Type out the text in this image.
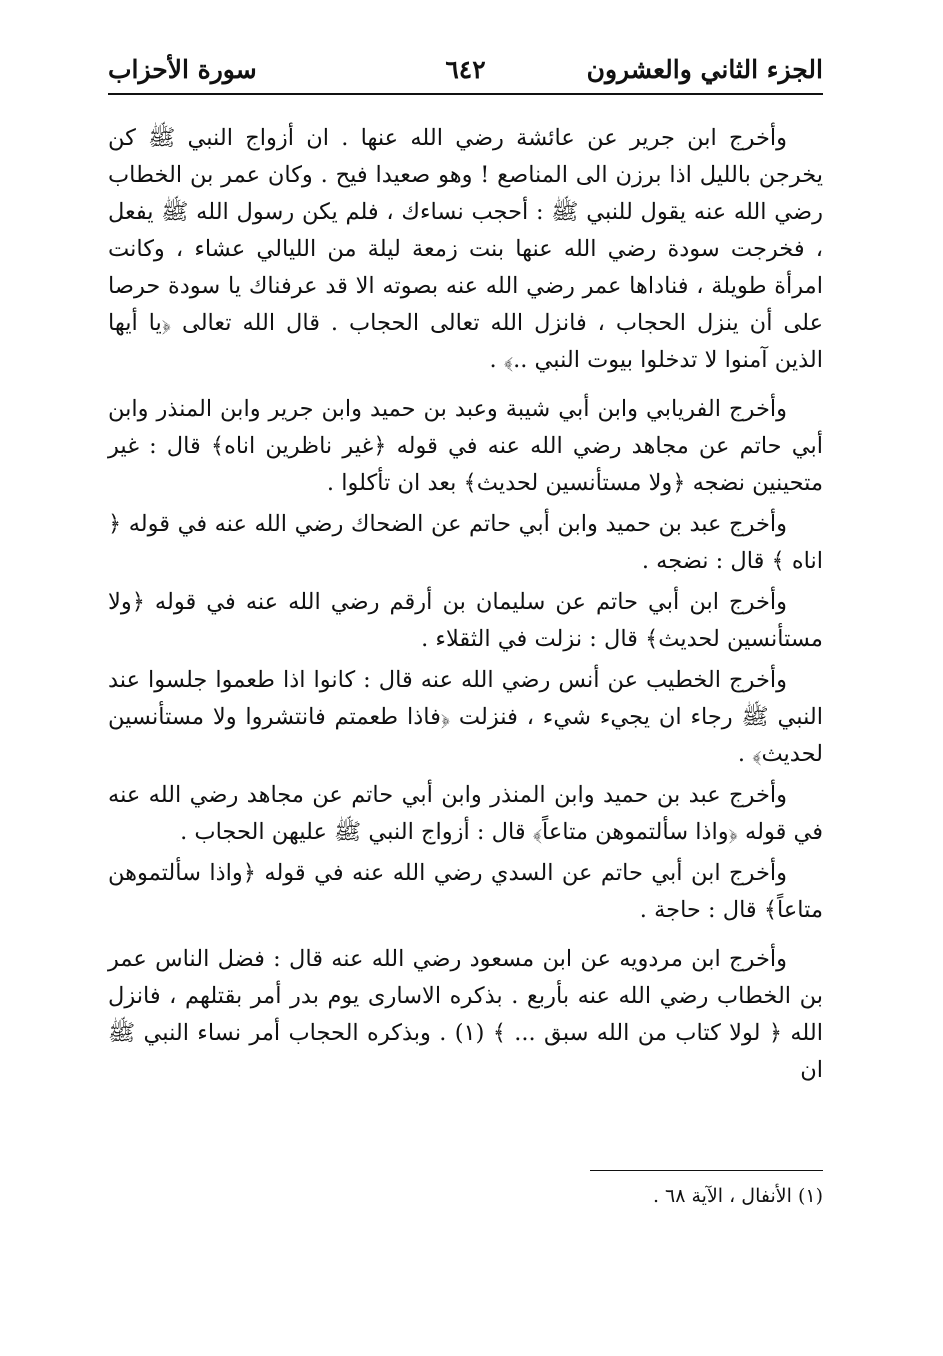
الجزء الثاني والعشرون
٦٤٢
سورة الأحزاب

وأخرج ابن جرير عن عائشة رضي الله عنها . ان أزواج النبي ﷺ كن يخرجن بالليل اذا برزن الى المناصع ! وهو صعيدا فيح . وكان عمر بن الخطاب رضي الله عنه يقول للنبي ﷺ : أحجب نساءك ، فلم يكن رسول الله ﷺ يفعل ، فخرجت سودة رضي الله عنها بنت زمعة ليلة من الليالي عشاء ، وكانت امرأة طويلة ، فناداها عمر رضي الله عنه بصوته الا قد عرفناك يا سودة حرصا على أن ينزل الحجاب ، فانزل الله تعالى الحجاب . قال الله تعالى ﴿يا أيها الذين آمنوا لا تدخلوا بيوت النبي ..﴾ .

وأخرج الفريابي وابن أبي شيبة وعبد بن حميد وابن جرير وابن المنذر وابن أبي حاتم عن مجاهد رضي الله عنه في قوله ﴿غير ناظرين اناه﴾ قال : غير متحينين نضجه ﴿ولا مستأنسين لحديث﴾ بعد ان تأكلوا .

وأخرج عبد بن حميد وابن أبي حاتم عن الضحاك رضي الله عنه في قوله ﴿ اناه ﴾ قال : نضجه .

وأخرج ابن أبي حاتم عن سليمان بن أرقم رضي الله عنه في قوله ﴿ولا مستأنسين لحديث﴾ قال : نزلت في الثقلاء .

وأخرج الخطيب عن أنس رضي الله عنه قال : كانوا اذا طعموا جلسوا عند النبي ﷺ رجاء ان يجيء شيء ، فنزلت ﴿فاذا طعمتم فانتشروا ولا مستأنسين لحديث﴾ .

وأخرج عبد بن حميد وابن المنذر وابن أبي حاتم عن مجاهد رضي الله عنه في قوله ﴿واذا سألتموهن متاعاً﴾ قال : أزواج النبي ﷺ عليهن الحجاب .

وأخرج ابن أبي حاتم عن السدي رضي الله عنه في قوله ﴿واذا سألتموهن متاعاً﴾ قال : حاجة .

وأخرج ابن مردويه عن ابن مسعود رضي الله عنه قال : فضل الناس عمر بن الخطاب رضي الله عنه بأربع . بذكره الاسارى يوم بدر أمر بقتلهم ، فانزل الله ﴿ لولا كتاب من الله سبق ... ﴾ (١) . وبذكره الحجاب أمر نساء النبي ﷺ ان

(١) الأنفال ، الآية ٦٨ .
